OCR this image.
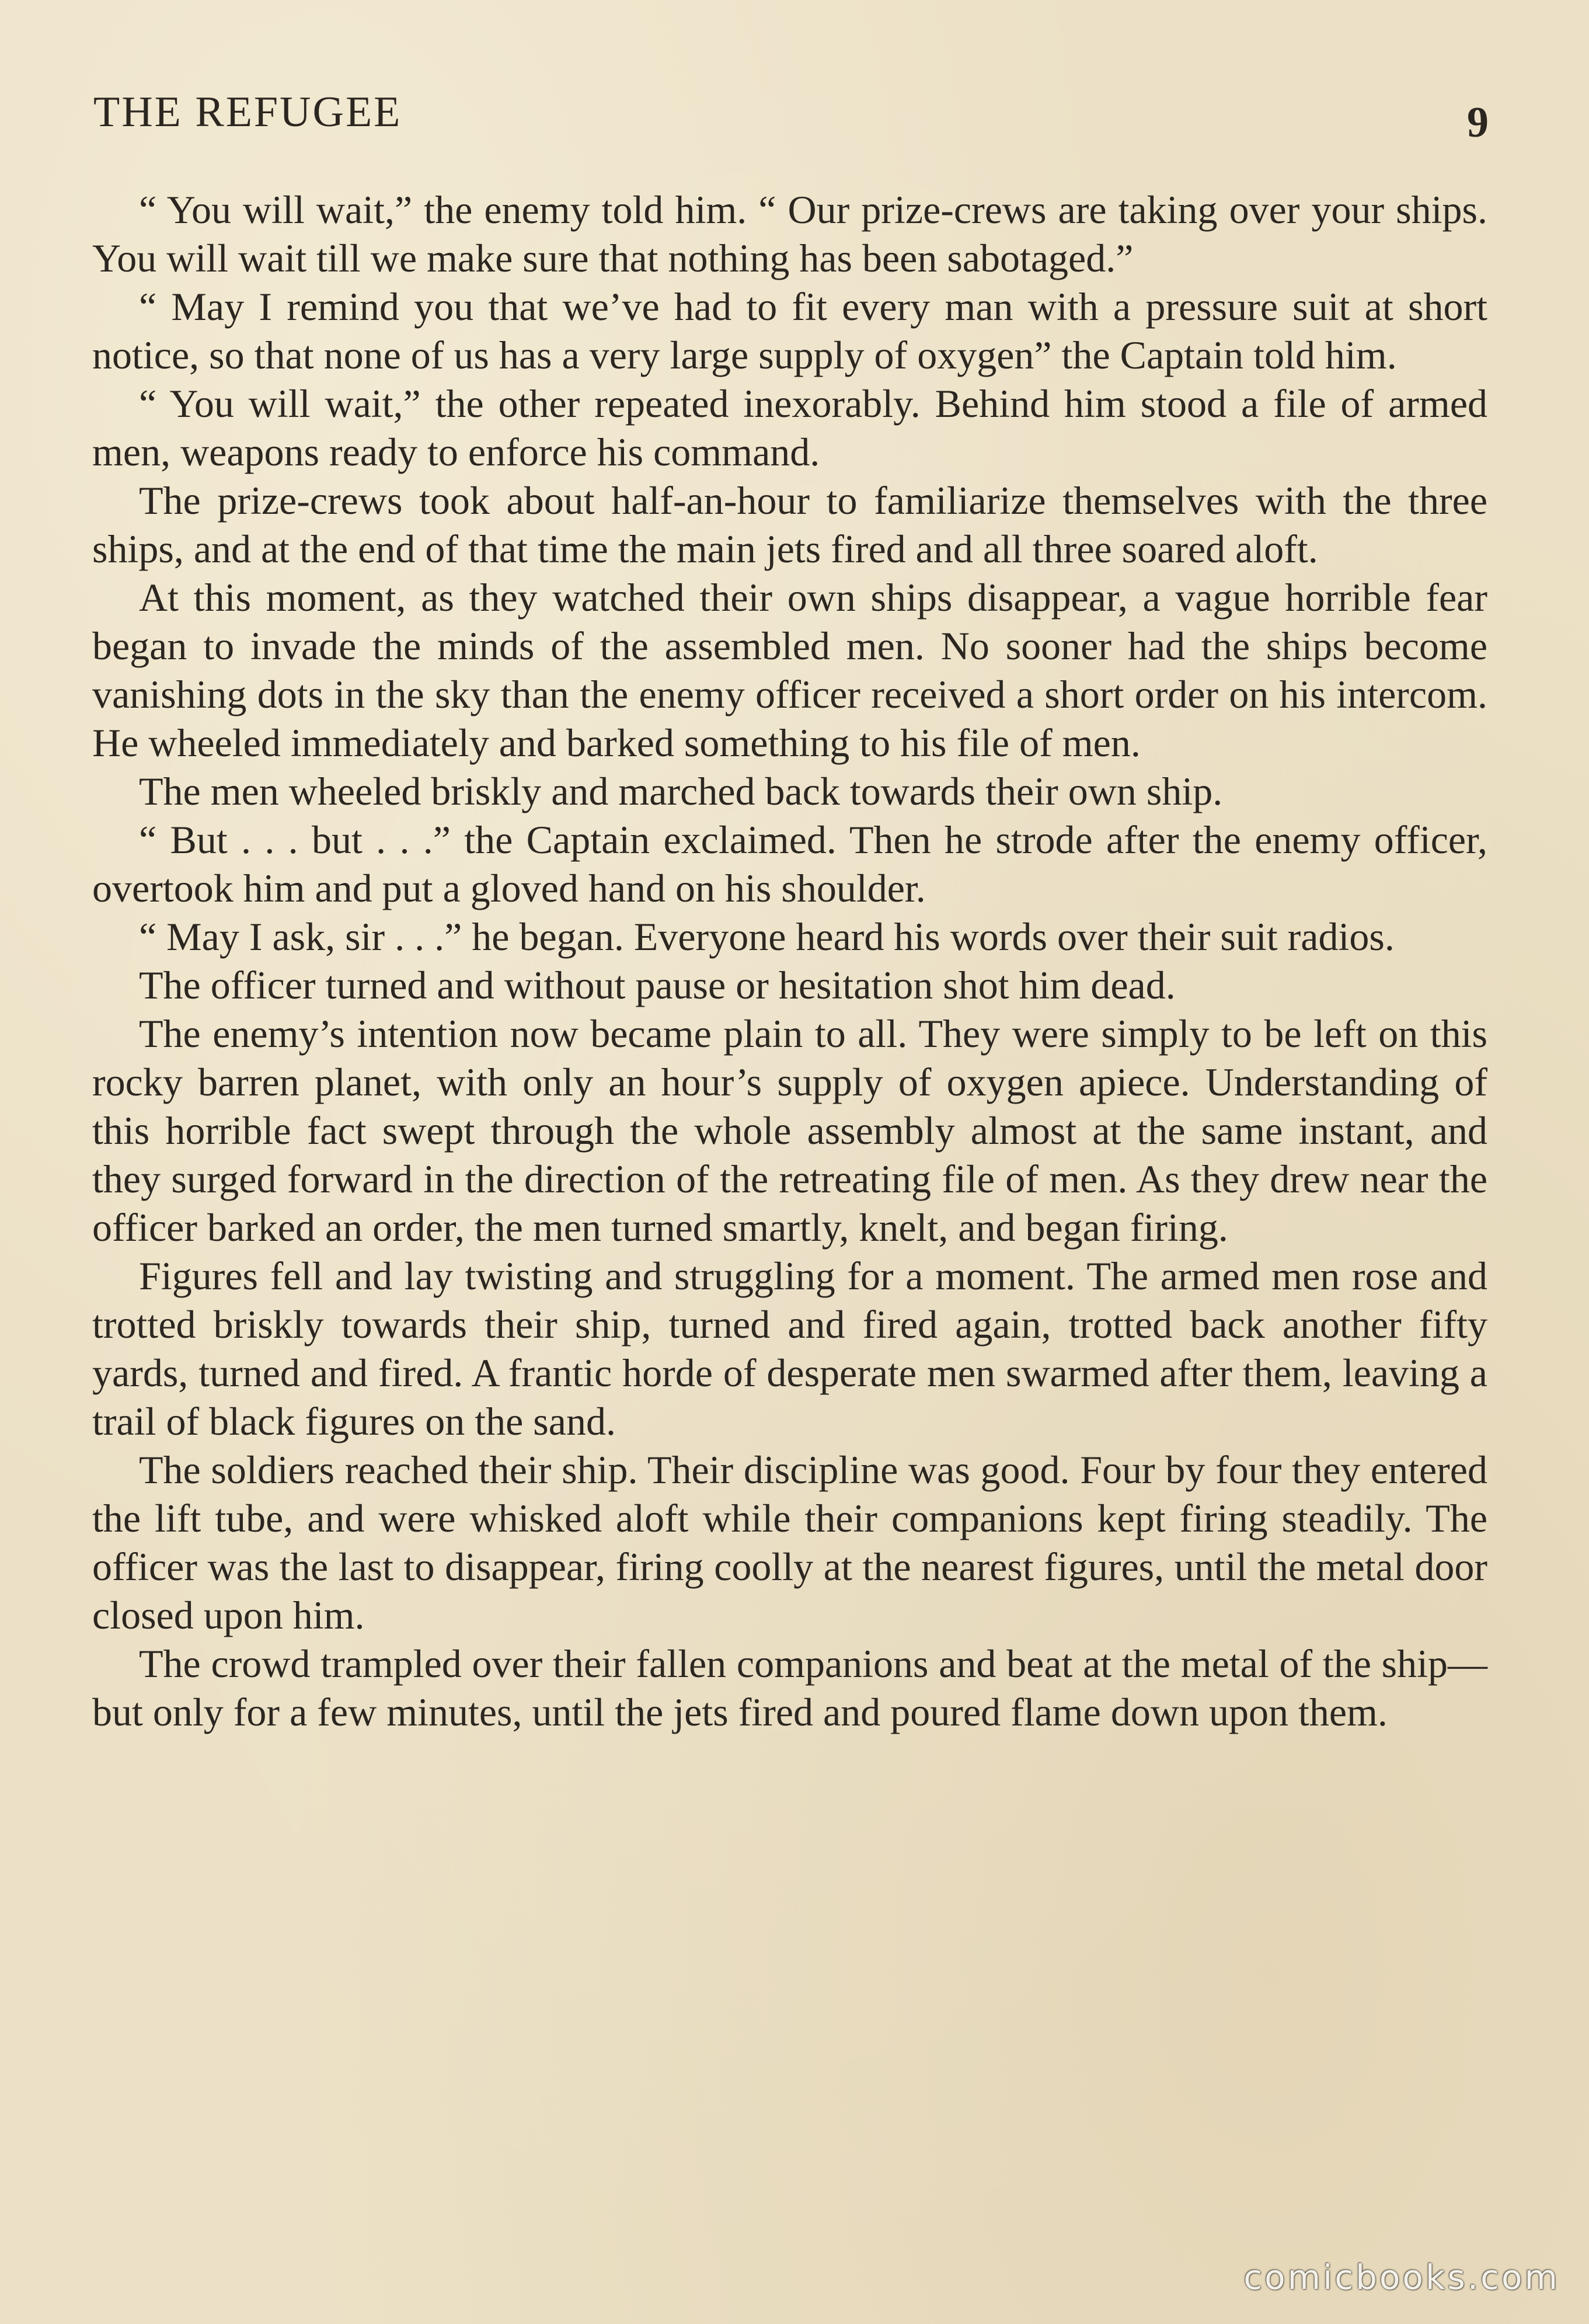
THE REFUGEE	9

“ You will wait,” the enemy told him. “ Our prize-crews are taking over your ships. You will wait till we make sure that nothing has been sabotaged.”

“ May I remind you that we’ve had to fit every man with a pressure suit at short notice, so that none of us has a very large supply of oxygen” the Captain told him.

“ You will wait,” the other repeated inexorably. Behind him stood a file of armed men, weapons ready to enforce his command.

The prize-crews took about half-an-hour to familiarize themselves with the three ships, and at the end of that time the main jets fired and all three soared aloft.

At this moment, as they watched their own ships disappear, a vague horrible fear began to invade the minds of the assembled men. No sooner had the ships become vanishing dots in the sky than the enemy officer received a short order on his intercom. He wheeled immediately and barked something to his file of men.

The men wheeled briskly and marched back towards their own ship.

“ But . . . but . . .” the Captain exclaimed. Then he strode after the enemy officer, overtook him and put a gloved hand on his shoulder.

“ May I ask, sir . . .” he began. Everyone heard his words over their suit radios.

The officer turned and without pause or hesitation shot him dead.

The enemy’s intention now became plain to all. They were simply to be left on this rocky barren planet, with only an hour’s supply of oxygen apiece. Understanding of this horrible fact swept through the whole assembly almost at the same instant, and they surged forward in the direction of the retreating file of men. As they drew near the officer barked an order, the men turned smartly, knelt, and began firing.

Figures fell and lay twisting and struggling for a moment. The armed men rose and trotted briskly towards their ship, turned and fired again, trotted back another fifty yards, turned and fired. A frantic horde of desperate men swarmed after them, leaving a trail of black figures on the sand.

The soldiers reached their ship. Their discipline was good. Four by four they entered the lift tube, and were whisked aloft while their companions kept firing steadily. The officer was the last to disappear, firing coolly at the nearest figures, until the metal door closed upon him.

The crowd trampled over their fallen companions and beat at the metal of the ship—but only for a few minutes, until the jets fired and poured flame down upon them.

comicbooks.com
